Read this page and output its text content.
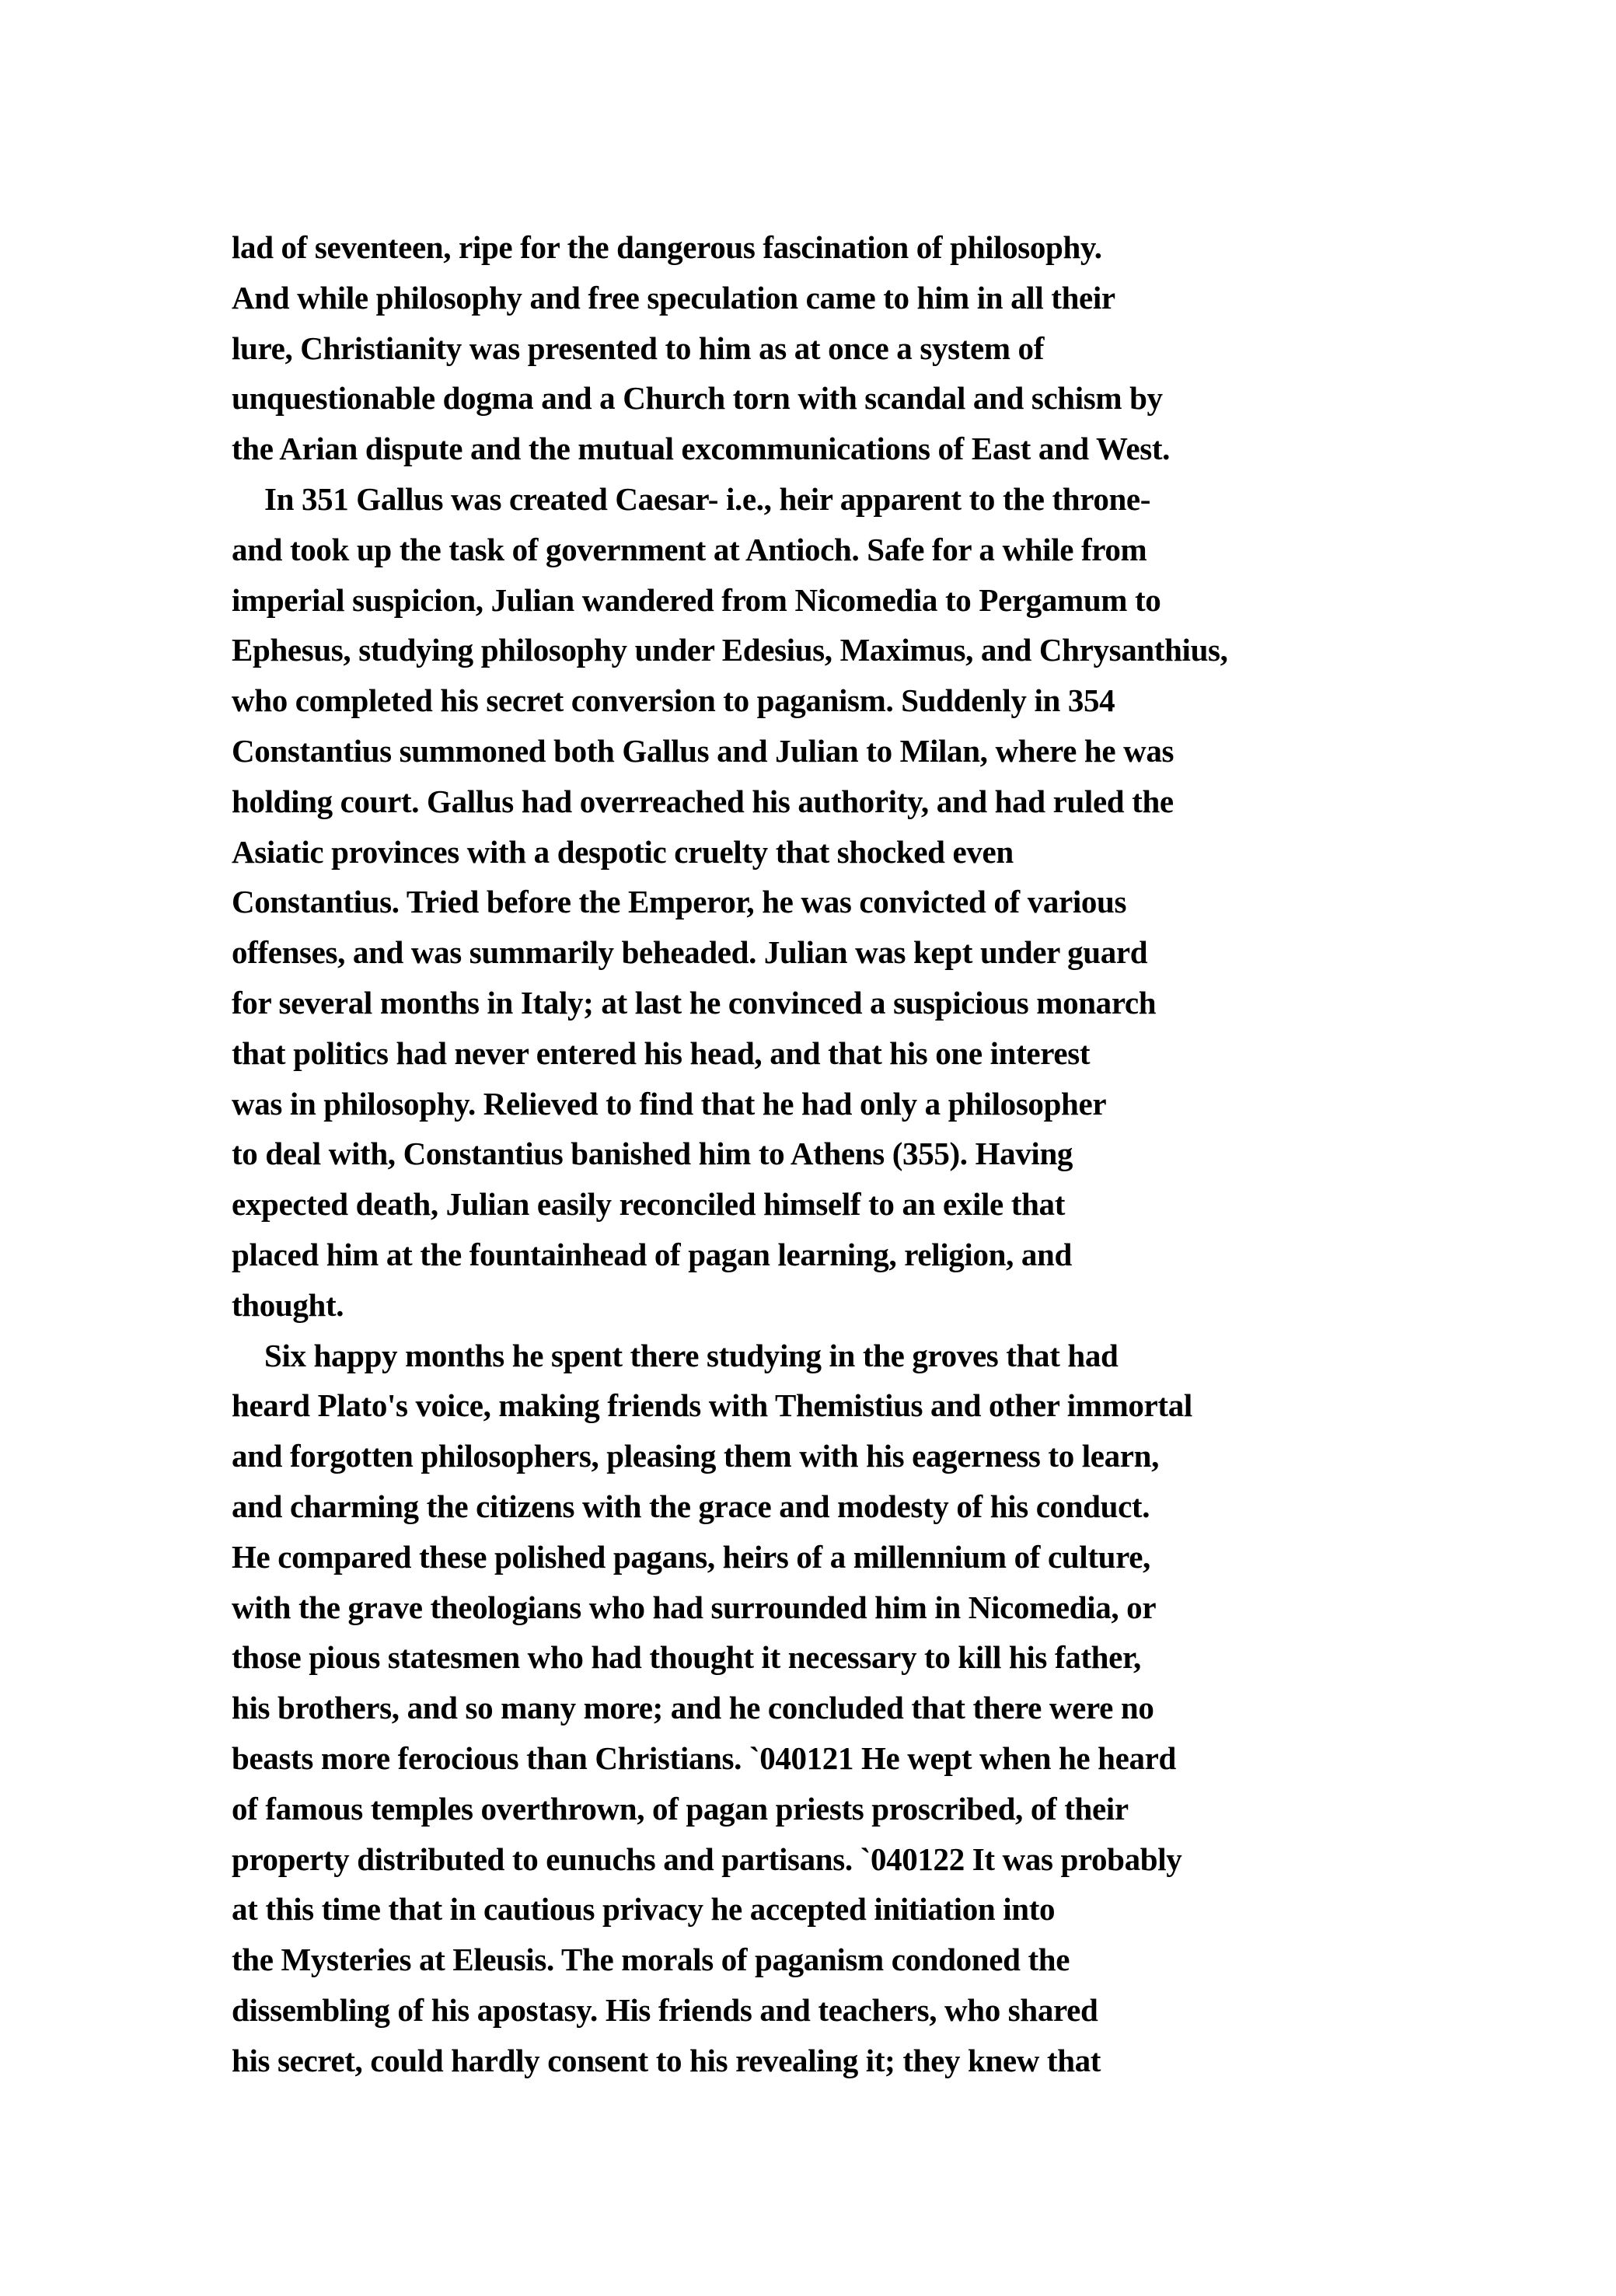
lad of seventeen, ripe for the dangerous fascination of philosophy.
And while philosophy and free speculation came to him in all their
lure, Christianity was presented to him as at once a system of
unquestionable dogma and a Church torn with scandal and schism by
the Arian dispute and the mutual excommunications of East and West.
In 351 Gallus was created Caesar- i.e., heir apparent to the throne-
and took up the task of government at Antioch. Safe for a while from
imperial suspicion, Julian wandered from Nicomedia to Pergamum to
Ephesus, studying philosophy under Edesius, Maximus, and Chrysanthius,
who completed his secret conversion to paganism. Suddenly in 354
Constantius summoned both Gallus and Julian to Milan, where he was
holding court. Gallus had overreached his authority, and had ruled the
Asiatic provinces with a despotic cruelty that shocked even
Constantius. Tried before the Emperor, he was convicted of various
offenses, and was summarily beheaded. Julian was kept under guard
for several months in Italy; at last he convinced a suspicious monarch
that politics had never entered his head, and that his one interest
was in philosophy. Relieved to find that he had only a philosopher
to deal with, Constantius banished him to Athens (355). Having
expected death, Julian easily reconciled himself to an exile that
placed him at the fountainhead of pagan learning, religion, and
thought.
Six happy months he spent there studying in the groves that had
heard Plato's voice, making friends with Themistius and other immortal
and forgotten philosophers, pleasing them with his eagerness to learn,
and charming the citizens with the grace and modesty of his conduct.
He compared these polished pagans, heirs of a millennium of culture,
with the grave theologians who had surrounded him in Nicomedia, or
those pious statesmen who had thought it necessary to kill his father,
his brothers, and so many more; and he concluded that there were no
beasts more ferocious than Christians. `040121 He wept when he heard
of famous temples overthrown, of pagan priests proscribed, of their
property distributed to eunuchs and partisans. `040122 It was probably
at this time that in cautious privacy he accepted initiation into
the Mysteries at Eleusis. The morals of paganism condoned the
dissembling of his apostasy. His friends and teachers, who shared
his secret, could hardly consent to his revealing it; they knew that
